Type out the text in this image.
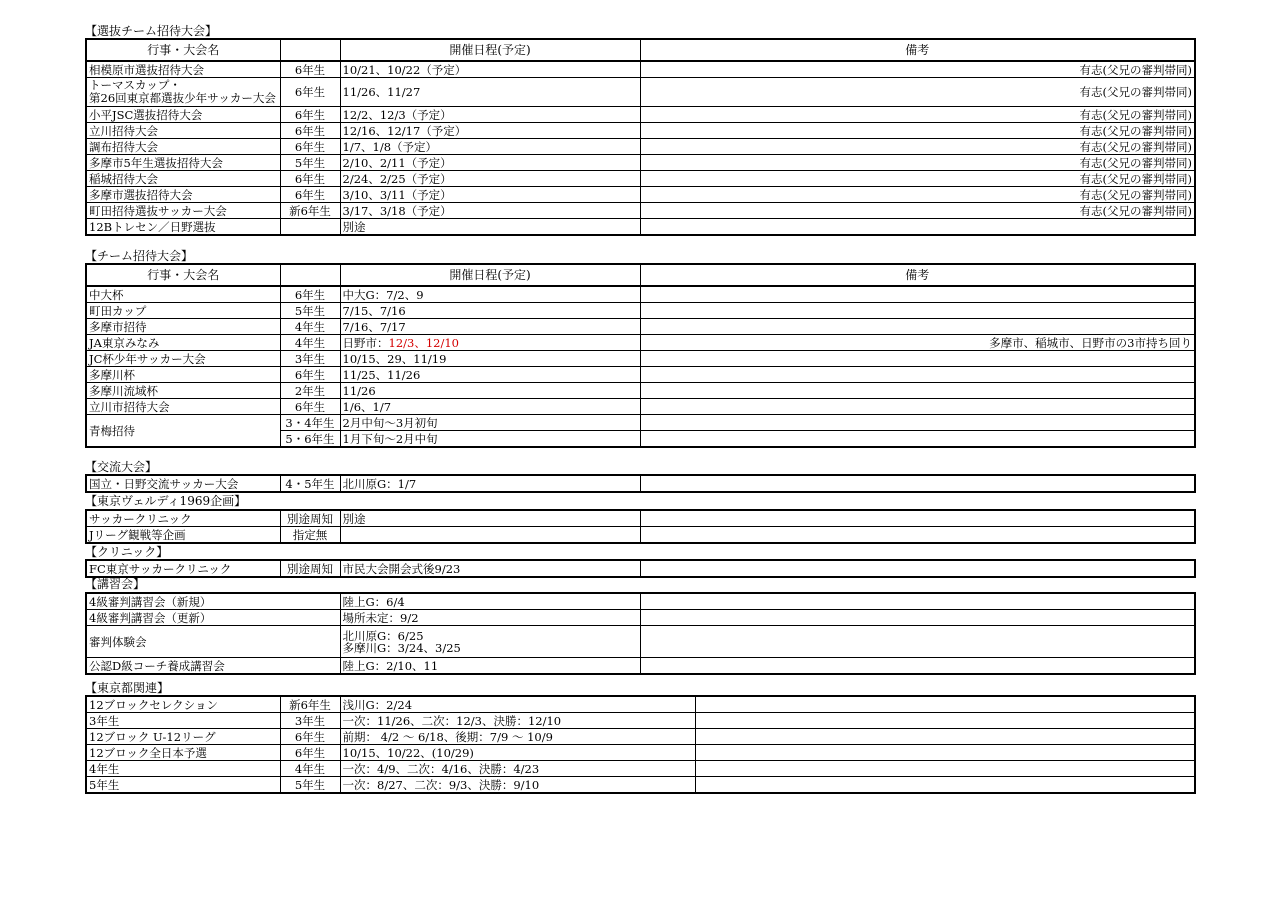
【選抜チーム招待大会】
行事・大会名		開催日程(予定)	備考
相模原市選抜招待大会	6年生	10/21、10/22（予定）	有志(父兄の審判帯同)

トーマスカップ・
第26回東京都選抜少年サッカー大会	6年生	11/26、11/27	有志(父兄の審判帯同)
小平JSC選抜招待大会	6年生	12/2、12/3（予定）	有志(父兄の審判帯同)
立川招待大会	6年生	12/16、12/17（予定）	有志(父兄の審判帯同)
調布招待大会	6年生	1/7、1/8（予定）	有志(父兄の審判帯同)
多摩市5年生選抜招待大会	5年生	2/10、2/11（予定）	有志(父兄の審判帯同)
稲城招待大会	6年生	2/24、2/25（予定）	有志(父兄の審判帯同)
多摩市選抜招待大会	6年生	3/10、3/11（予定）	有志(父兄の審判帯同)
町田招待選抜サッカー大会	新6年生	3/17、3/18（予定）	有志(父兄の審判帯同)
12Bトレセン／日野選抜		別途	
【チーム招待大会】
行事・大会名		開催日程(予定)	備考
中大杯	6年生	中大G：7/2、9	
町田カップ	5年生	7/15、7/16	
多摩市招待	4年生	7/16、7/17	
JA東京みなみ	4年生	日野市：12/3、12/10	多摩市、稲城市、日野市の3市持ち回り
JC杯少年サッカー大会	3年生	10/15、29、11/19	
多摩川杯	6年生	11/25、11/26	
多摩川流域杯	2年生	11/26	
立川市招待大会	6年生	1/6、1/7	
青梅招待	3・4年生	2月中旬～3月初旬	
	5・6年生	1月下旬～2月中旬	
【交流大会】
国立・日野交流サッカー大会	4・5年生	北川原G：1/7	
【東京ヴェルディ1969企画】
サッカークリニック	別途周知	別途	
Jリーグ観戦等企画	指定無		
【クリニック】
FC東京サッカークリニック	別途周知	市民大会開会式後9/23	
【講習会】
4級審判講習会（新規）	陸上G：6/4	
4級審判講習会（更新）	場所未定：9/2	
審判体験会	北川原G：6/25
多摩川G：3/24、3/25	

公認D級コーチ養成講習会	陸上G：2/10、11	
【東京都関連】
12ブロックセレクション	新6年生	浅川G：2/24	
3年生	3年生	一次：11/26、二次：12/3、決勝：12/10	
12ブロック U-12リーグ	6年生	前期： 4/2 ～ 6/18、後期：7/9 ～ 10/9	
12ブロック全日本予選	6年生	10/15、10/22、(10/29)	
4年生	4年生	一次：4/9、二次：4/16、決勝：4/23	
5年生	5年生	一次：8/27、二次：9/3、決勝：9/10	
